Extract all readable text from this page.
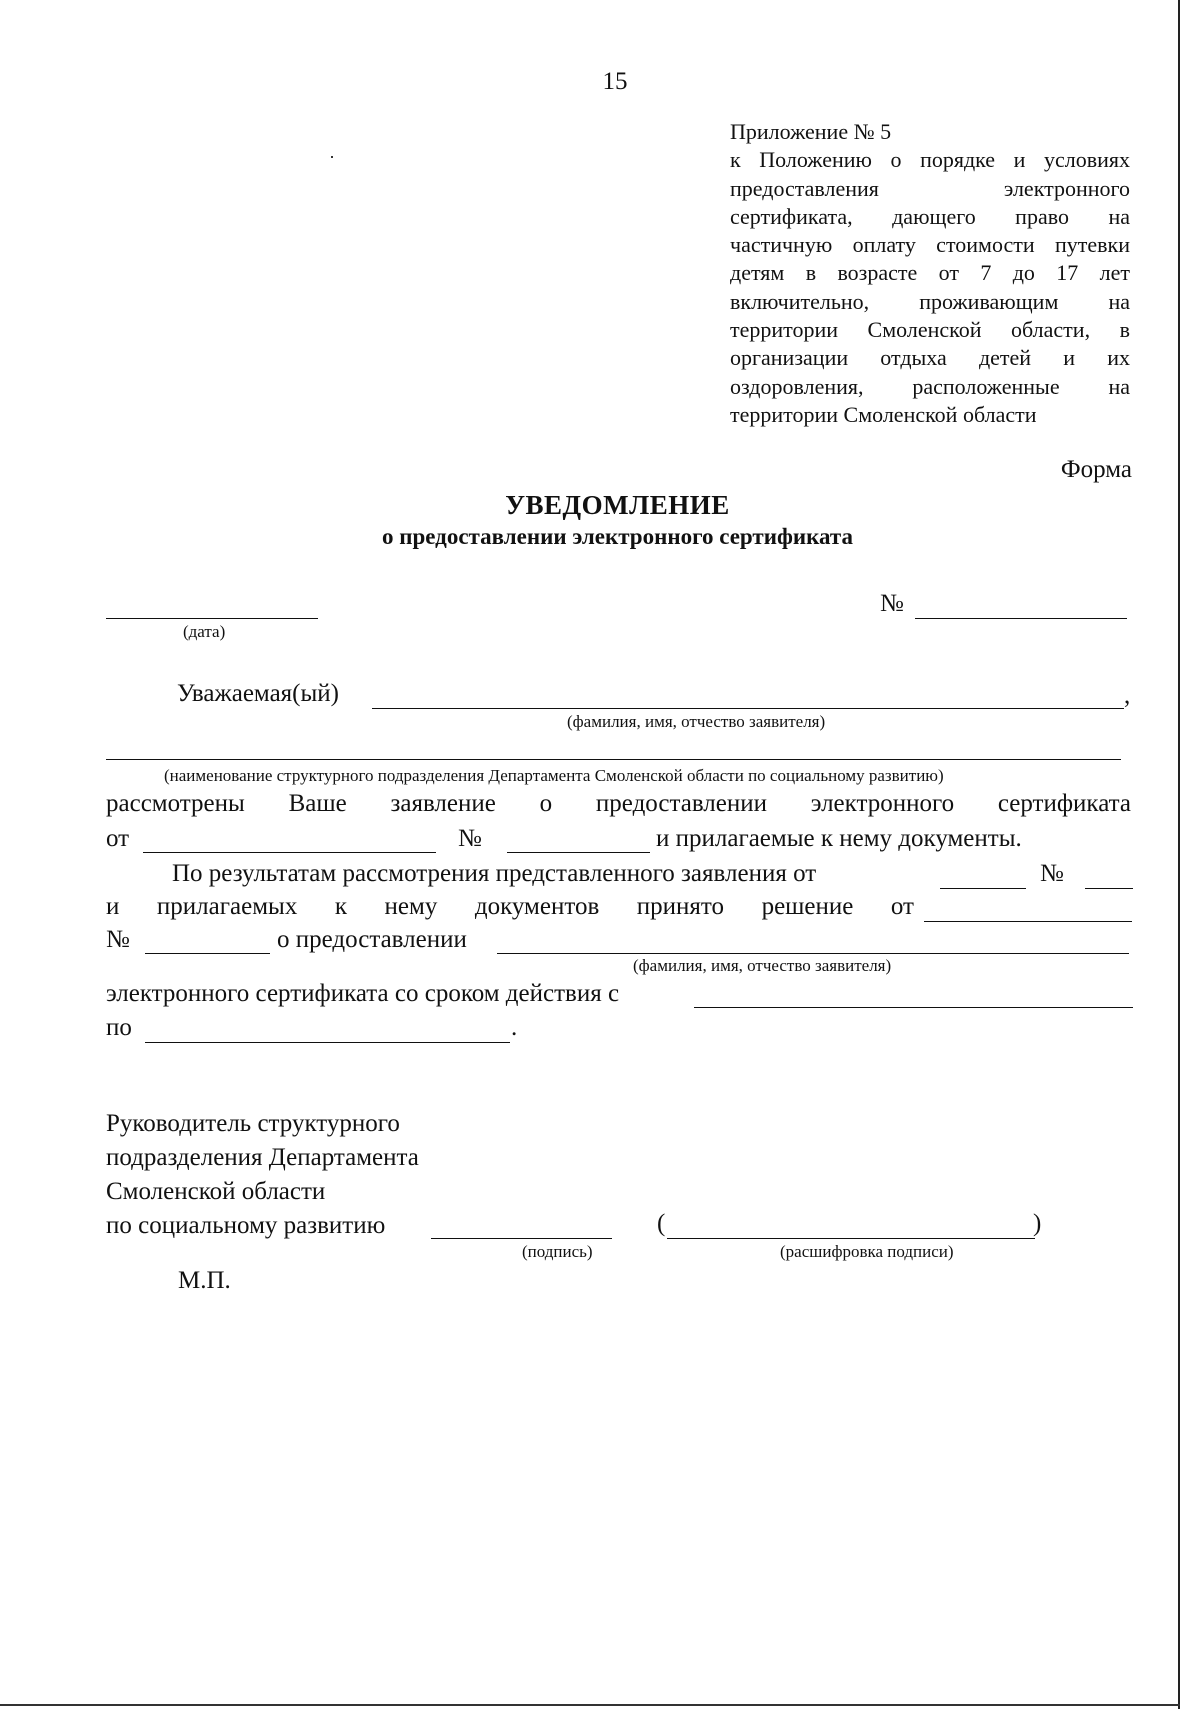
15
Приложение № 5
к Положению о порядке и условиях предоставления электронного сертификата, дающего право на частичную оплату стоимости путевки детям в возрасте от 7 до 17 лет включительно, проживающим на территории Смоленской области, в организации отдыха детей и их оздоровления, расположенные на территории Смоленской области
Форма
УВЕДОМЛЕНИЕ
о предоставлении электронного сертификата
(дата)
№
Уважаемая(ый)	,
(фамилия, имя, отчество заявителя)
(наименование структурного подразделения Департамента Смоленской области по социальному развитию)
рассмотрены Ваше заявление о предоставлении электронного сертификата
от	№	и прилагаемые к нему документы.
По результатам рассмотрения представленного заявления от	№
и прилагаемых к нему документов принято решение от
№	о предоставлении
(фамилия, имя, отчество заявителя)
электронного сертификата со сроком действия с
по	.
Руководитель структурного
подразделения Департамента
Смоленской области
по социальному развитию
(подпись)
(	)
(расшифровка подписи)
М.П.
